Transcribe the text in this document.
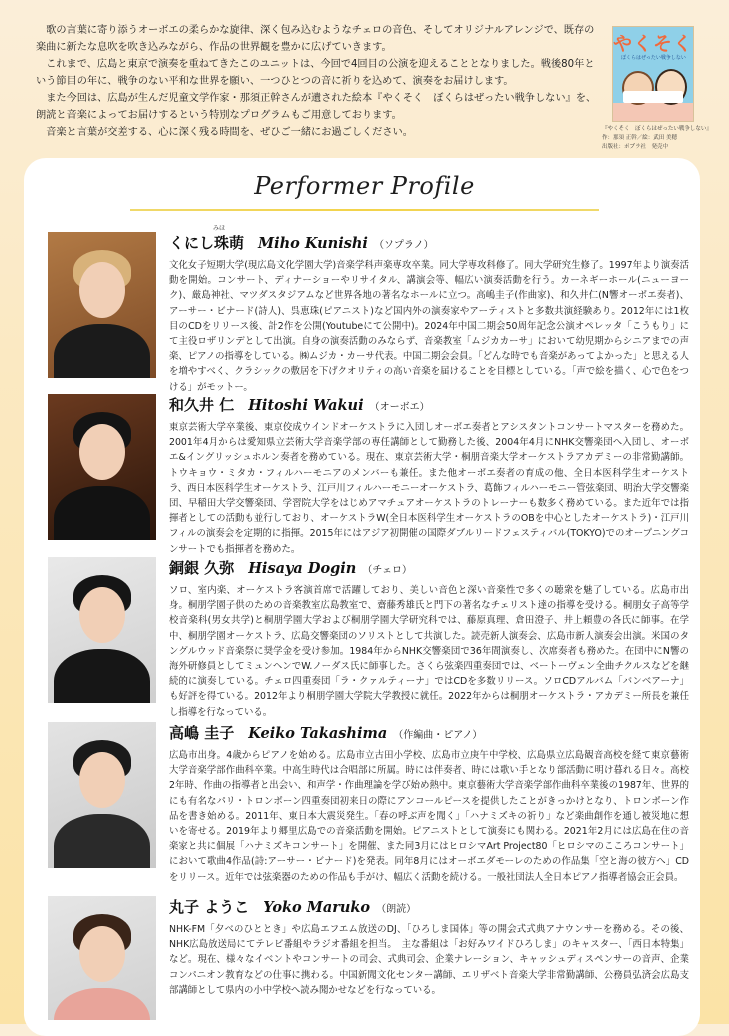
歌の言葉に寄り添うオーボエの柔らかな旋律、深く包み込むようなチェロの音色、そしてオリジナルアレンジで、既存の楽曲に新たな息吹を吹き込みながら、作品の世界観を豊かに広げていきます。

これまで、広島と東京で演奏を重ねてきたこのユニットは、今回で4回目の公演を迎えることとなりました。戦後80年という節目の年に、戦争のない平和な世界を願い、一つひとつの音に祈りを込めて、演奏をお届けします。

また今回は、広島が生んだ児童文学作家・那須正幹さんが遺された絵本『やくそく　ぼくらはぜったい戦争しない』を、朗読と音楽によってお届けするという特別なプログラムもご用意しております。

音楽と言葉が交差する、心に深く残る時間を、ぜひご一緒にお過ごしください。

やくそく
ぼくらはぜったい戦争しない
『やくそく　ぼくらはぜったい戦争しない』
作：那須 正幹／絵：武田 美穂
出版社：ポプラ社　発売中
Performer Profile
みほ
くにし珠萌 Miho Kunishi （ソプラノ）

文化女子短期大学(現広島文化学園大学)音楽学科声楽専攻卒業。同大学専攻科修了。同大学研究生修了。1997年より演奏活動を開始。コンサート、ディナーショーやリサイタル、講演会等、幅広い演奏活動を行う。カーネギーホール(ニューヨーク)、厳島神社、マツダスタジアムなど世界各地の著名なホールに立つ。高嶋圭子(作曲家)、和久井仁(N響オーボエ奏者)、アーサー・ビナード(詩人)、呉恵珠(ピアニスト)など国内外の演奏家やアーティストと多数共演経験あり。2012年には1枚目のCDをリリース後、計2作を公開(Youtubeにて公開中)。2024年中国二期会50周年記念公演オペレッタ「こうもり」にて主役ロザリンデとして出演。自身の演奏活動のみならず、音楽教室「ムジカカーサ」において幼児期からシニアまでの声楽、ピアノの指導をしている。㈱ムジカ・カーサ代表。中国二期会会員。「どんな時でも音楽があってよかった」と思える人を増やすべく、クラシックの敷居を下げクオリティの高い音楽を届けることを目標としている。「声で絵を描く、心で色をつける」がモットー。

和久井 仁 Hitoshi Wakui （オーボエ）

東京芸術大学卒業後、東京佼成ウインドオーケストラに入団しオーボエ奏者とアシスタントコンサートマスターを務めた。2001年4月からは愛知県立芸術大学音楽学部の専任講師として勤務した後、2004年4月にNHK交響楽団へ入団し、オーボエ&イングリッシュホルン奏者を務めている。現在、東京芸術大学・桐朋音楽大学オーケストラアカデミーの非常勤講師。トウキョウ・ミタカ・フィルハーモニアのメンバーも兼任。また他オーボエ奏者の育成の他、全日本医科学生オーケストラ、西日本医科学生オーケストラ、江戸川フィルハーモニーオーケストラ、葛飾フィルハーモニー管弦楽団、明治大学交響楽団、早稲田大学交響楽団、学習院大学をはじめアマチュアオーケストラのトレーナーも数多く務めている。また近年では指揮者としての活動も並行しており、オーケストラW(全日本医科学生オーケストラのOBを中心としたオーケストラ)・江戸川フィルの演奏会を定期的に指揮。2015年にはアジア初開催の国際ダブルリードフェスティバル(TOKYO)でのオープニングコンサートでも指揮者を務めた。

銅銀 久弥 Hisaya Dogin （チェロ）

ソロ、室内楽、オーケストラ客演首席で活躍しており、美しい音色と深い音楽性で多くの聴衆を魅了している。広島市出身。桐朋学園子供のための音楽教室広島教室で、齋藤秀雄氏と門下の著名なチェリスト達の指導を受ける。桐朋女子高等学校音楽科(男女共学)と桐朋学園大学および桐朋学園大学研究科では、藤原真理、倉田澄子、井上頼豊の各氏に師事。在学中、桐朋学園オーケストラ、広島交響楽団のソリストとして共演した。読売新人演奏会、広島市新人演奏会出演。米国のタングルウッド音楽祭に奨学金を受け参加。1984年からNHK交響楽団で36年間演奏し、次席奏者も務めた。在団中にN響の海外研修員としてミュンヘンでW.ノーダス氏に師事した。さくら弦楽四重奏団では、ベートーヴェン全曲チクルスなどを継続的に演奏している。チェロ四重奏団「ラ・クァルティーナ」ではCDを多数リリース。ソロCDアルバム「バンベアーナ」も好評を得ている。2012年より桐朋学園大学院大学教授に就任。2022年からは桐朋オーケストラ・アカデミー所長を兼任し指導を行なっている。

高嶋 圭子 Keiko Takashima （作編曲・ピアノ）

広島市出身。4歳からピアノを始める。広島市立古田小学校、広島市立庚午中学校、広島県立広島観音高校を経て東京藝術大学音楽学部作曲科卒業。中高生時代は合唱部に所属。時には伴奏者、時には歌い手となり部活動に明け暮れる日々。高校2年時、作曲の指導者と出会い、和声学・作曲理論を学び始め熱中。東京藝術大学音楽学部作曲科卒業後の1987年、世界的にも有名なパリ・トロンボーン四重奏団初来日の際にアンコールピースを提供したことがきっかけとなり、トロンボーン作品を書き始める。2011年、東日本大震災発生。「春の呼ぶ声を聞く」「ハナミズキの祈り」など楽曲創作を通し被災地に想いを寄せる。2019年より郷里広島での音楽活動を開始。ピアニストとして演奏にも関わる。2021年2月には広島在住の音楽家と共に個展「ハナミズキコンサート」を開催、また同3月にはヒロシマArt Project80「ヒロシマのこころコンサート」において歌曲4作品(詩:アーサー・ビナード)を発表。同年8月にはオーボエダモーレのための作品集「空と海の彼方へ」CDをリリース。近年では弦楽器のための作品も手がけ、幅広く活動を続ける。一般社団法人全日本ピアノ指導者協会正会員。

丸子 ようこ Yoko Maruko （朗読）

NHK-FM「夕べのひととき」や広島エフエム放送のDJ、「ひろしま国体」等の開会式式典アナウンサーを務める。その後、NHK広島放送局にてテレビ番組やラジオ番組を担当。　主な番組は「お好みワイドひろしま」のキャスター、「西日本特集」など。現在、様々なイベントやコンサートの司会、式典司会、企業ナレーション、キャッシュディスペンサーの音声、企業コンパニオン教育などの仕事に携わる。中国新聞文化センター講師、エリザベト音楽大学非常勤講師、公務員弘済会広島支部講師として県内の小中学校へ読み聞かせなどを行なっている。
